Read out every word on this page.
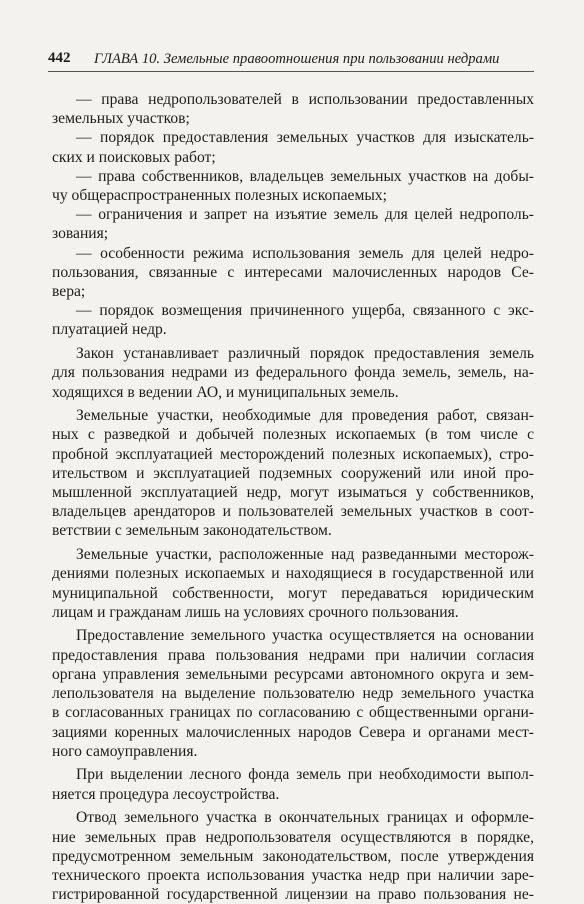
442 ГЛАВА 10. Земельные правоотношения при пользовании недрами
— права недропользователей в использовании предоставленных
земельных участков;
— порядок предоставления земельных участков для изыскатель-
ских и поисковых работ;
— права собственников, владельцев земельных участков на добы-
чу общераспространенных полезных ископаемых;
— ограничения и запрет на изъятие земель для целей недрополь-
зования;
— особенности режима использования земель для целей недро-
пользования, связанные с интересами малочисленных народов Се-
вера;
— порядок возмещения причиненного ущерба, связанного с экс-
плуатацией недр.
Закон устанавливает различный порядок предоставления земель
для пользования недрами из федерального фонда земель, земель, на-
ходящихся в ведении АО, и муниципальных земель.
Земельные участки, необходимые для проведения работ, связан-
ных с разведкой и добычей полезных ископаемых (в том числе с
пробной эксплуатацией месторождений полезных ископаемых), стро-
ительством и эксплуатацией подземных сооружений или иной про-
мышленной эксплуатацией недр, могут изыматься у собственников,
владельцев арендаторов и пользователей земельных участков в соот-
ветствии с земельным законодательством.
Земельные участки, расположенные над разведанными месторож-
дениями полезных ископаемых и находящиеся в государственной или
муниципальной собственности, могут передаваться юридическим
лицам и гражданам лишь на условиях срочного пользования.
Предоставление земельного участка осуществляется на основании
предоставления права пользования недрами при наличии согласия
органа управления земельными ресурсами автономного округа и зем-
лепользователя на выделение пользователю недр земельного участка
в согласованных границах по согласованию с общественными органи-
зациями коренных малочисленных народов Севера и органами мест-
ного самоуправления.
При выделении лесного фонда земель при необходимости выпол-
няется процедура лесоустройства.
Отвод земельного участка в окончательных границах и оформле-
ние земельных прав недропользователя осуществляются в порядке,
предусмотренном земельным законодательством, после утверждения
технического проекта использования участка недр при наличии заре-
гистрированной государственной лицензии на право пользования не-
